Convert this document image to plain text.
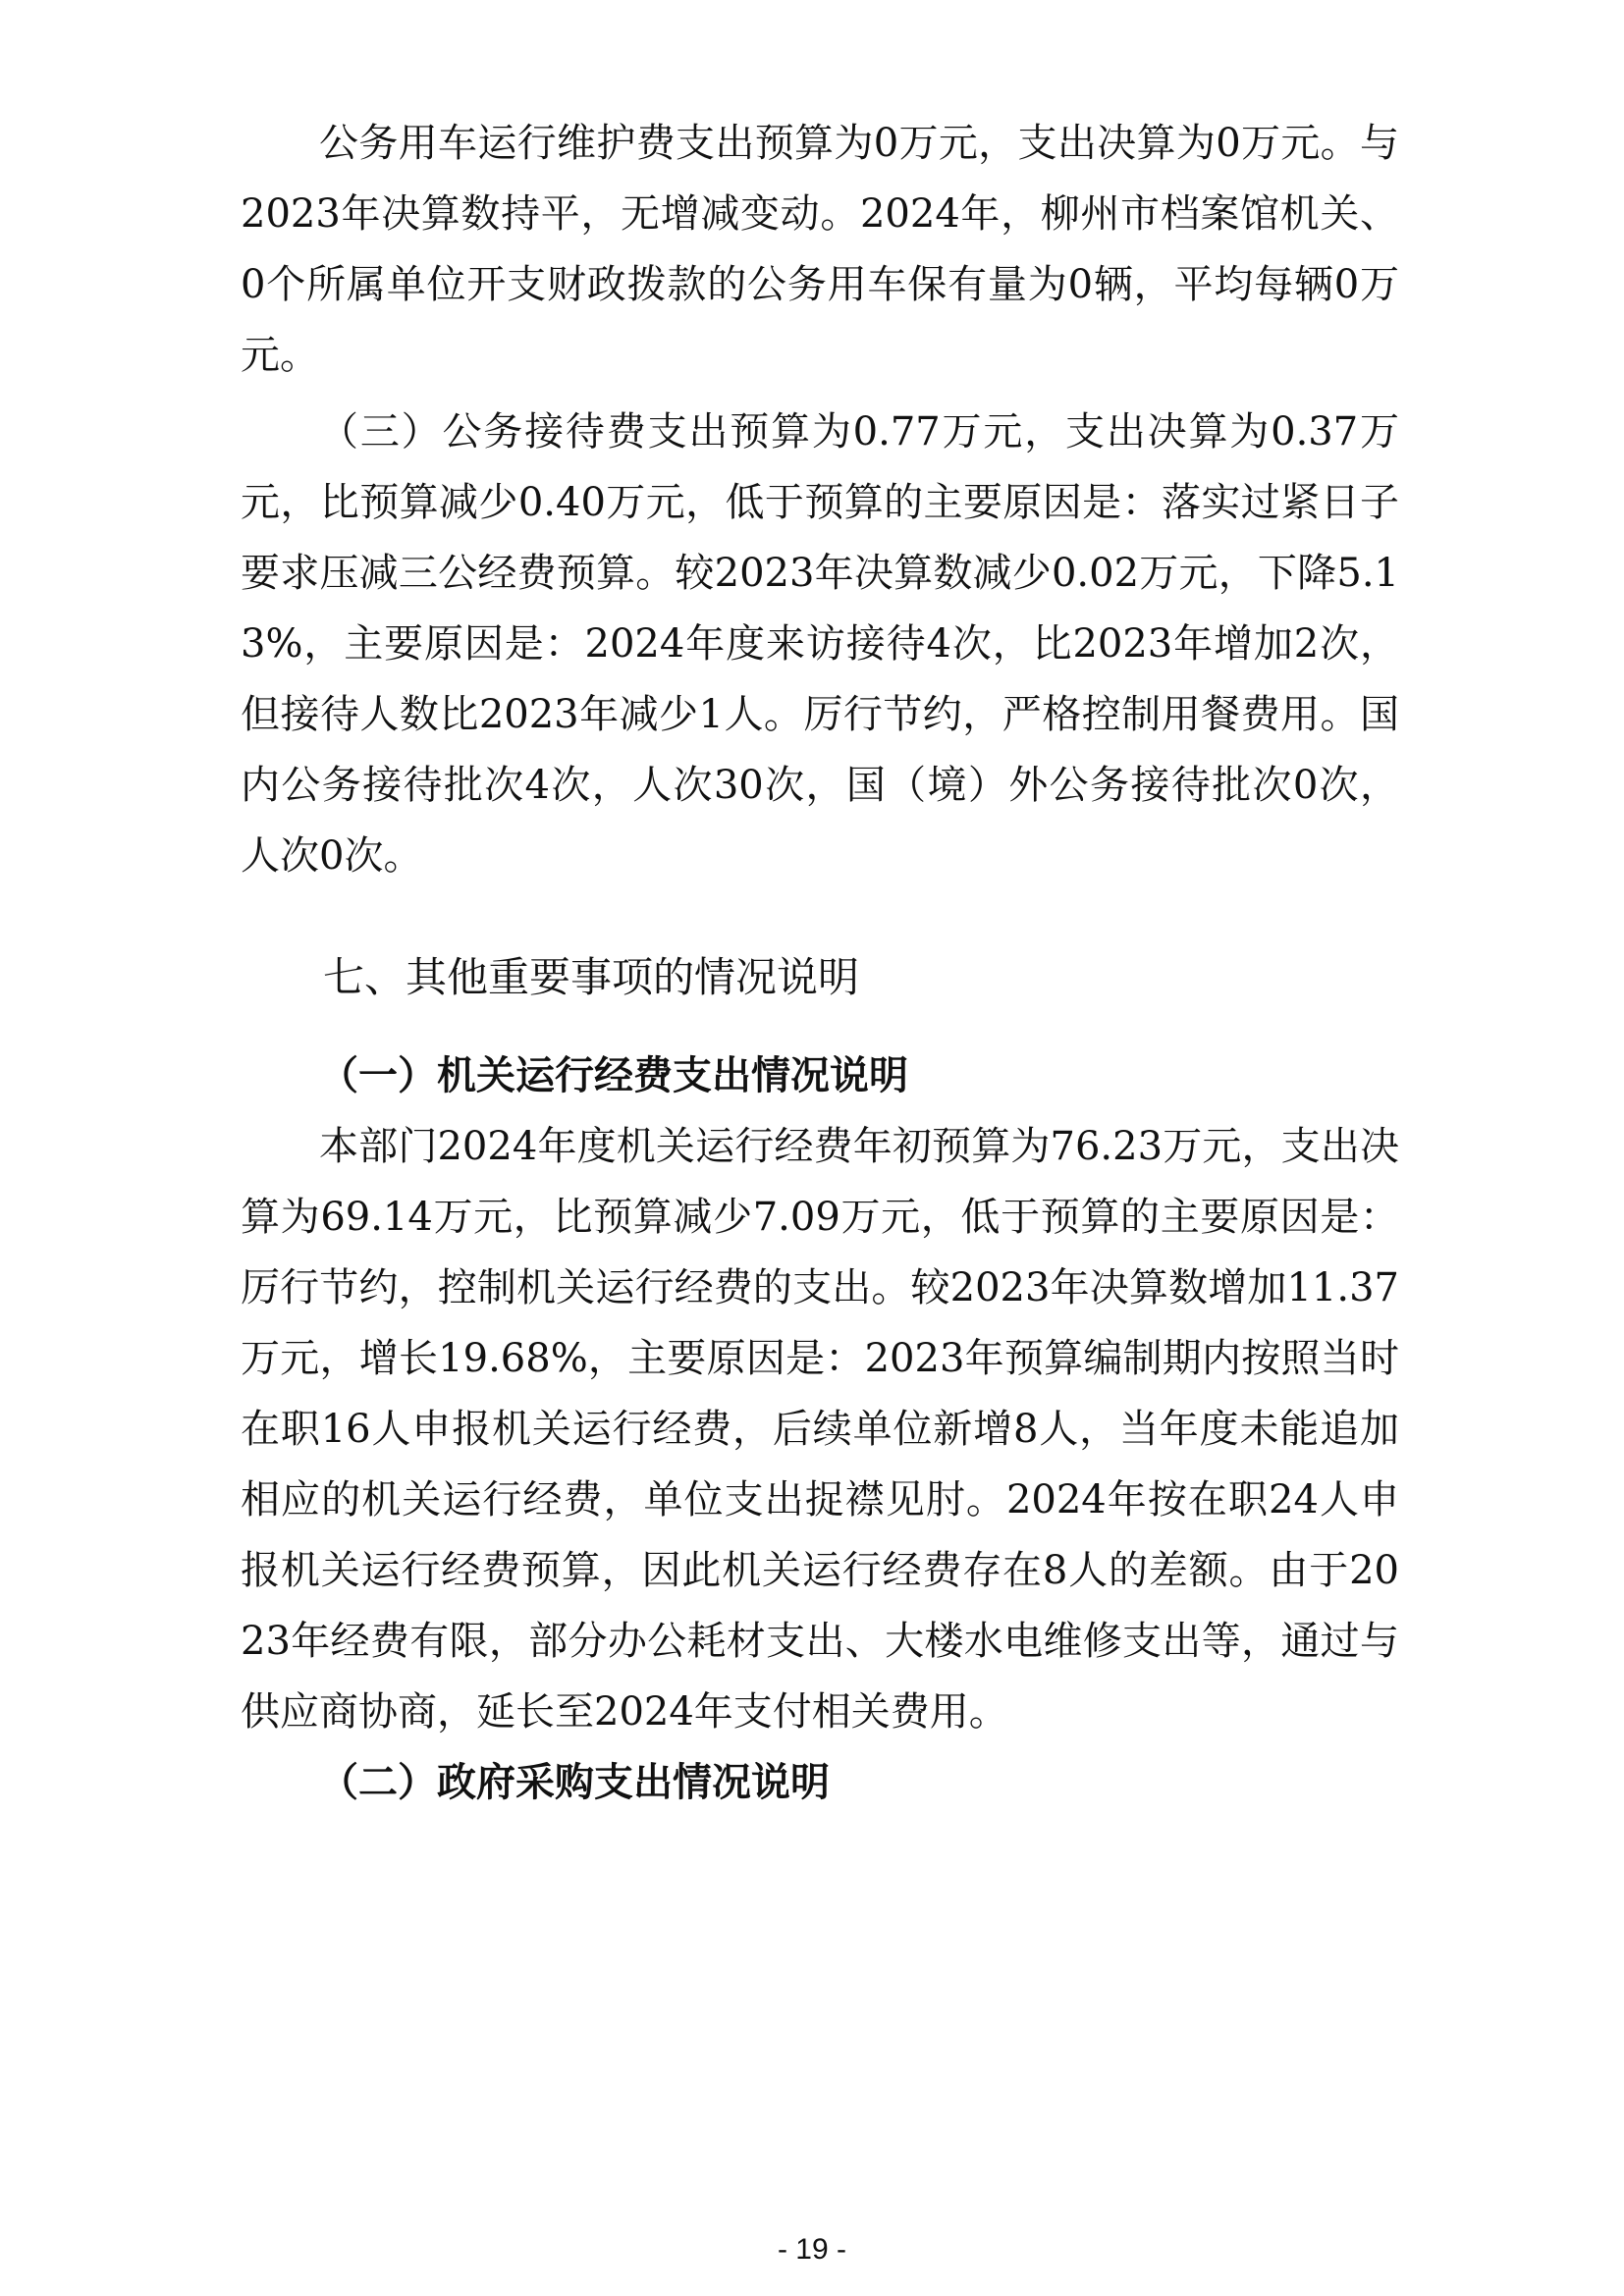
公务用车运行维护费支出预算为0万元，支出决算为0万元。与2023年决算数持平，无增减变动。2024年，柳州市档案馆机关、0个所属单位开支财政拨款的公务用车保有量为0辆，平均每辆0万元。

（三）公务接待费支出预算为0.77万元，支出决算为0.37万元，比预算减少0.40万元，低于预算的主要原因是：落实过紧日子要求压减三公经费预算。较2023年决算数减少0.02万元，下降5.13%，主要原因是：2024年度来访接待4次，比2023年增加2次，但接待人数比2023年减少1人。厉行节约，严格控制用餐费用。国内公务接待批次4次，人次30次，国（境）外公务接待批次0次，人次0次。

七、其他重要事项的情况说明
（一）机关运行经费支出情况说明

本部门2024年度机关运行经费年初预算为76.23万元，支出决算为69.14万元，比预算减少7.09万元，低于预算的主要原因是：厉行节约，控制机关运行经费的支出。较2023年决算数增加11.37万元，增长19.68%，主要原因是：2023年预算编制期内按照当时在职16人申报机关运行经费，后续单位新增8人，当年度未能追加相应的机关运行经费，单位支出捉襟见肘。2024年按在职24人申报机关运行经费预算，因此机关运行经费存在8人的差额。由于2023年经费有限，部分办公耗材支出、大楼水电维修支出等，通过与供应商协商，延长至2024年支付相关费用。

（二）政府采购支出情况说明
- 19 -
